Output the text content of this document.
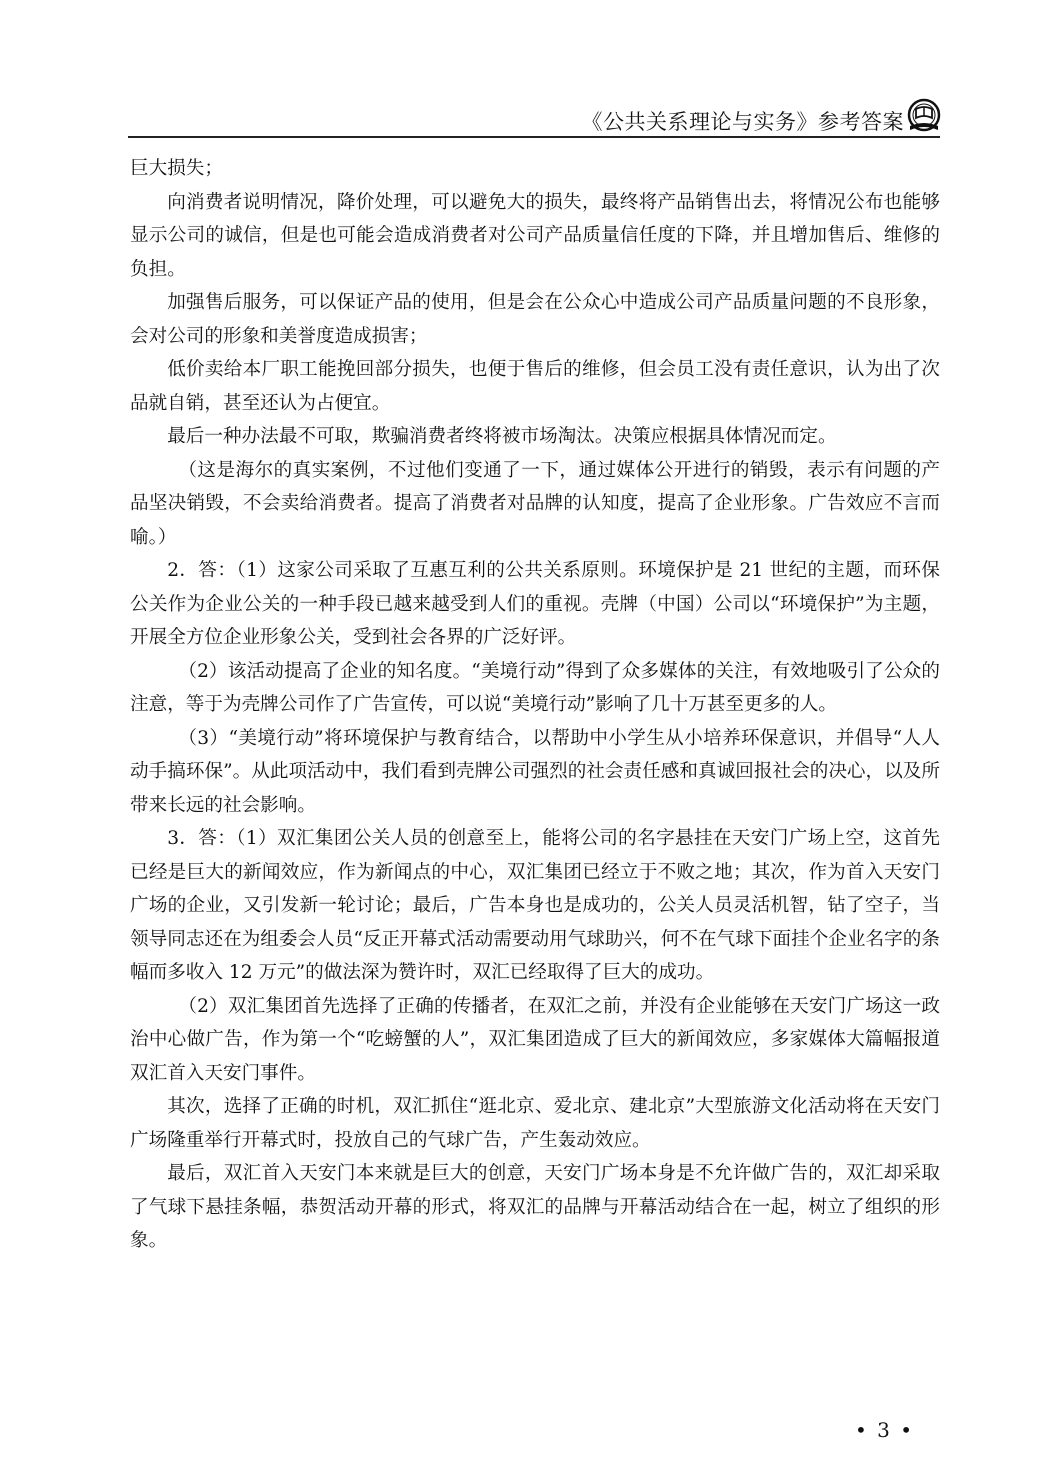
《公共关系理论与实务》参考答案

巨大损失；

向消费者说明情况，降价处理，可以避免大的损失，最终将产品销售出去，将情况公布也能够显示公司的诚信，但是也可能会造成消费者对公司产品质量信任度的下降，并且增加售后、维修的负担。

加强售后服务，可以保证产品的使用，但是会在公众心中造成公司产品质量问题的不良形象，会对公司的形象和美誉度造成损害；

低价卖给本厂职工能挽回部分损失，也便于售后的维修，但会员工没有责任意识，认为出了次品就自销，甚至还认为占便宜。

最后一种办法最不可取，欺骗消费者终将被市场淘汰。决策应根据具体情况而定。

（这是海尔的真实案例，不过他们变通了一下，通过媒体公开进行的销毁，表示有问题的产品坚决销毁，不会卖给消费者。提高了消费者对品牌的认知度，提高了企业形象。广告效应不言而喻。）

2．答：（1）这家公司采取了互惠互利的公共关系原则。环境保护是 21 世纪的主题，而环保公关作为企业公关的一种手段已越来越受到人们的重视。壳牌（中国）公司以“环境保护”为主题，开展全方位企业形象公关，受到社会各界的广泛好评。

（2）该活动提高了企业的知名度。“美境行动”得到了众多媒体的关注，有效地吸引了公众的注意，等于为壳牌公司作了广告宣传，可以说“美境行动”影响了几十万甚至更多的人。

（3）“美境行动”将环境保护与教育结合，以帮助中小学生从小培养环保意识，并倡导“人人动手搞环保”。从此项活动中，我们看到壳牌公司强烈的社会责任感和真诚回报社会的决心，以及所带来长远的社会影响。

3．答：（1）双汇集团公关人员的创意至上，能将公司的名字悬挂在天安门广场上空，这首先已经是巨大的新闻效应，作为新闻点的中心，双汇集团已经立于不败之地；其次，作为首入天安门广场的企业，又引发新一轮讨论；最后，广告本身也是成功的，公关人员灵活机智，钻了空子，当领导同志还在为组委会人员“反正开幕式活动需要动用气球助兴，何不在气球下面挂个企业名字的条幅而多收入 12 万元”的做法深为赞许时，双汇已经取得了巨大的成功。

（2）双汇集团首先选择了正确的传播者，在双汇之前，并没有企业能够在天安门广场这一政治中心做广告，作为第一个“吃螃蟹的人”，双汇集团造成了巨大的新闻效应，多家媒体大篇幅报道双汇首入天安门事件。

其次，选择了正确的时机，双汇抓住“逛北京、爱北京、建北京”大型旅游文化活动将在天安门广场隆重举行开幕式时，投放自己的气球广告，产生轰动效应。

最后，双汇首入天安门本来就是巨大的创意，天安门广场本身是不允许做广告的，双汇却采取了气球下悬挂条幅，恭贺活动开幕的形式，将双汇的品牌与开幕活动结合在一起，树立了组织的形象。

• 3 •
